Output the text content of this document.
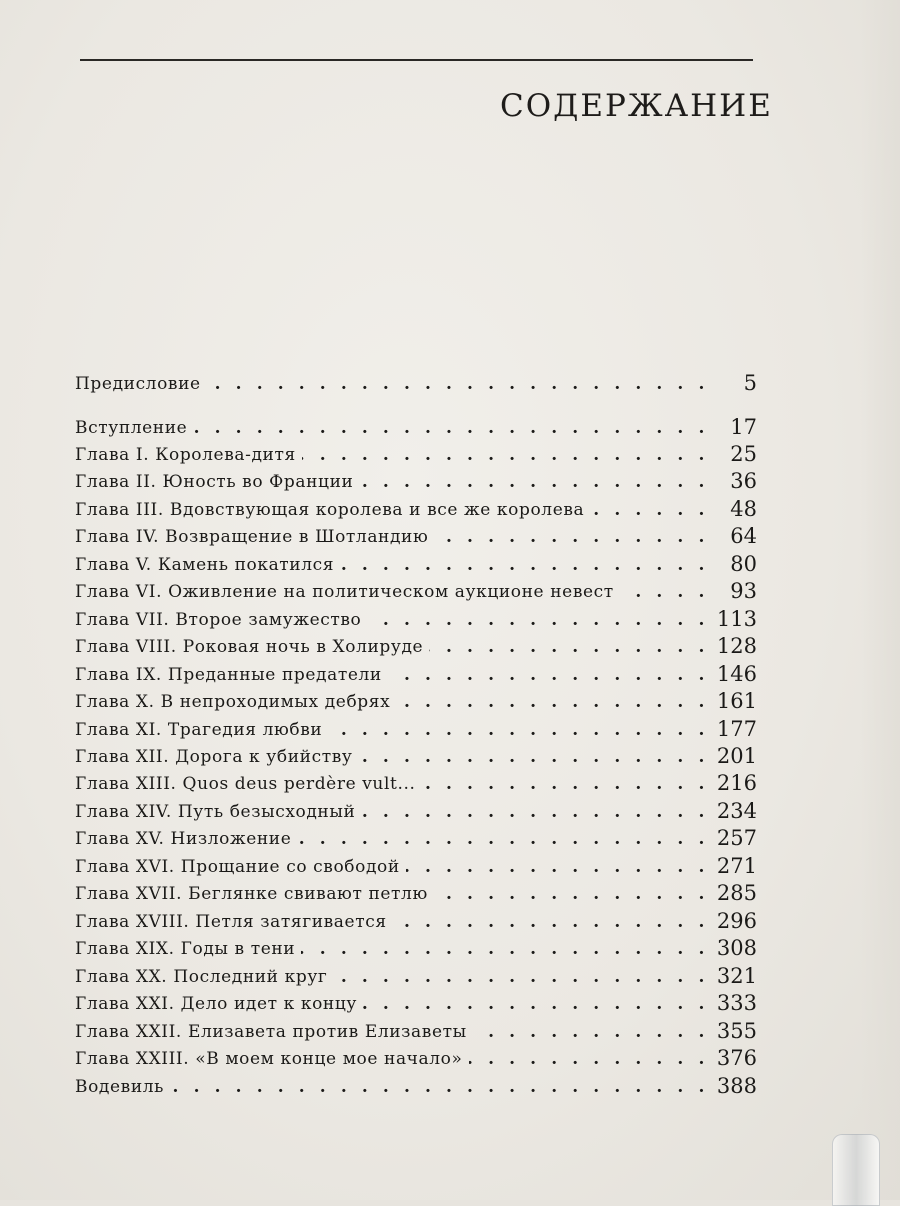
СОДЕРЖАНИЕ
Предисловие . . .	5
Вступление . . .	17
Глава I. Королева-дитя . . .	25
Глава II. Юность во Франции . . .	36
Глава III. Вдовствующая королева и все же королева . . .	48
Глава IV. Возвращение в Шотландию . . .	64
Глава V. Камень покатился . . .	80
Глава VI. Оживление на политическом аукционе невест . . .	93
Глава VII. Второе замужество . . .	113
Глава VIII. Роковая ночь в Холируде . . .	128
Глава IX. Преданные предатели . . .	146
Глава X. В непроходимых дебрях . . .	161
Глава XI. Трагедия любви . . .	177
Глава XII. Дорога к убийству . . .	201
Глава XIII. Quos deus perdère vult... . . .	216
Глава XIV. Путь безысходный . . .	234
Глава XV. Низложение . . .	257
Глава XVI. Прощание со свободой . . .	271
Глава XVII. Беглянке свивают петлю . . .	285
Глава XVIII. Петля затягивается . . .	296
Глава XIX. Годы в тени . . .	308
Глава XX. Последний круг . . .	321
Глава XXI. Дело идет к концу . . .	333
Глава XXII. Елизавета против Елизаветы . . .	355
Глава XXIII. «В моем конце мое начало» . . .	376
Водевиль . . .	388
